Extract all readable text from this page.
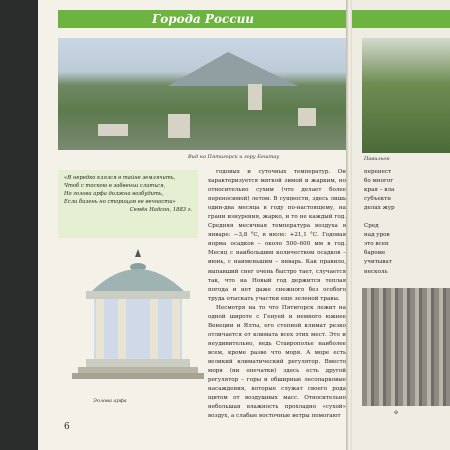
Города России
Вид на Пятигорск и гору Бештау
«Я нередко клялся в тайне землячить,
Чтоб с тоскою в забвеньи слиться,
Но голова арфа должна возбудить,
Если бизень но сторицам ее вечности»
Семён Надсон, 1883 г.
Эолова арфа

годовых и суточных температур. Он характеризуется мягкой зимой и жарким, но относительно сухим (что делает более переносимой) летом. В сущности, здесь лишь один-два месяца в году по-настоящему, на грани изнурения, жарко, и то не каждый год. Средняя месячная температура воздуха в январе: −3,8 °С, в июле: +21,1 °С. Годовая норма осадков – около 500–600 мм в год. Месяц с наибольшим количеством осадков – июнь, с наименьшим – январь. Как правило, выпавший снег очень быстро тает, случается так, что на Новый год держится теплая погода и нет даже снежного без особого труда отыскать участки еще зеленой травы.

Несмотря на то что Пятигорск лежит на одной широте с Генуей и немного южнее Венеции и Ялты, его степной климат резко отличается от климата всех этих мест. Это и неудивительно, ведь Ставрополье наиболее всем, кроме разве что моря. А море есть великий климатический регулятор. Вместо моря (ни опечатки) здесь есть другой регулятор – горы и обширные лесопарковые насаждения, которые служат своего рода щитом от воздушных масс. Относительно небольшая влажность прохладно «сухой» воздух, а слабые восточные ветры помогают

6
Павильон
перенест
бо многог
края – вла
субъектн
делах жур

Сред
над уров
это всеп
бароме
учитыват
несколь
Ф
